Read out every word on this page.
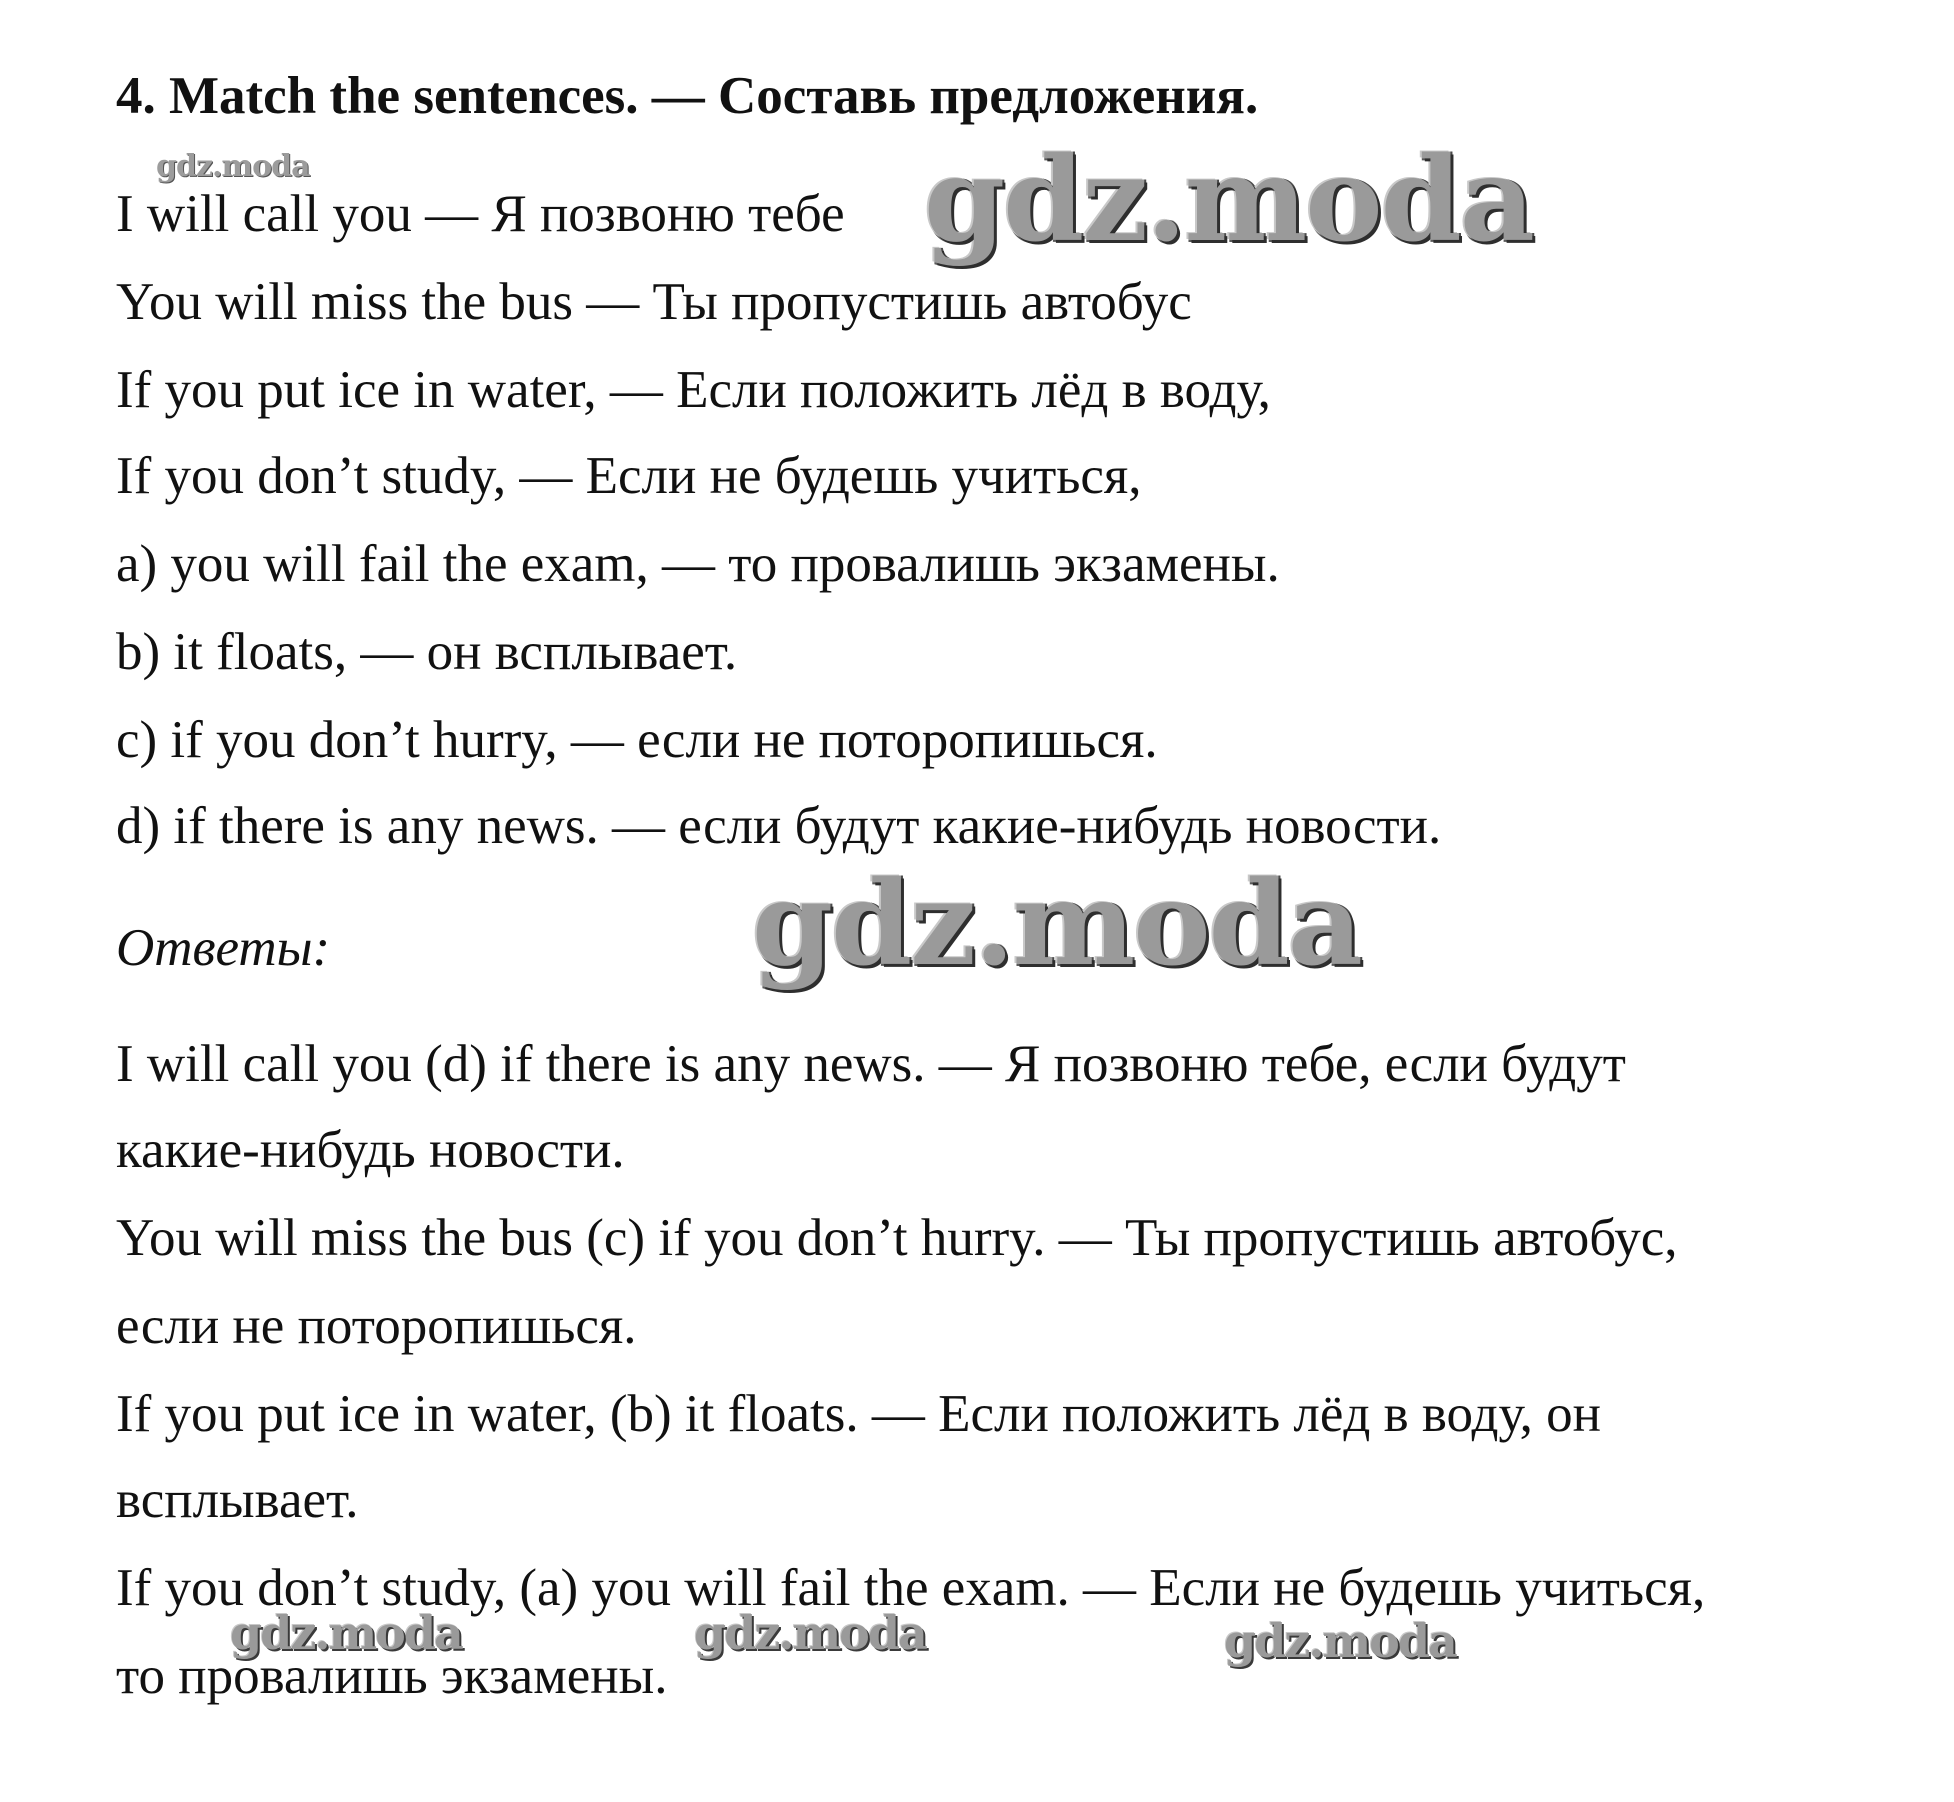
4. Match the sentences. — Составь предложения.
gdz.moda
I will call you — Я позвоню тебе gdz.moda
You will miss the bus — Ты пропустишь автобус
If you put ice in water, — Если положить лёд в воду,
If you don’t study, — Если не будешь учиться,
a) you will fail the exam, — то провалишь экзамены.
b) it floats, — он всплывает.
c) if you don’t hurry, — если не поторопишься.
d) if there is any news. — если будут какие-нибудь новости.
Ответы:	gdz.moda
I will call you (d) if there is any news. — Я позвоню тебе, если будут
какие-нибудь новости.
You will miss the bus (c) if you don’t hurry. — Ты пропустишь автобус,
если не поторопишься.
If you put ice in water, (b) it floats. — Если положить лёд в воду, он
всплывает.
If you don’t study, (a) you will fail the exam. — Если не будешь учиться,
то провалишь экзамены.
gdz.moda	gdz.moda	gdz.moda
